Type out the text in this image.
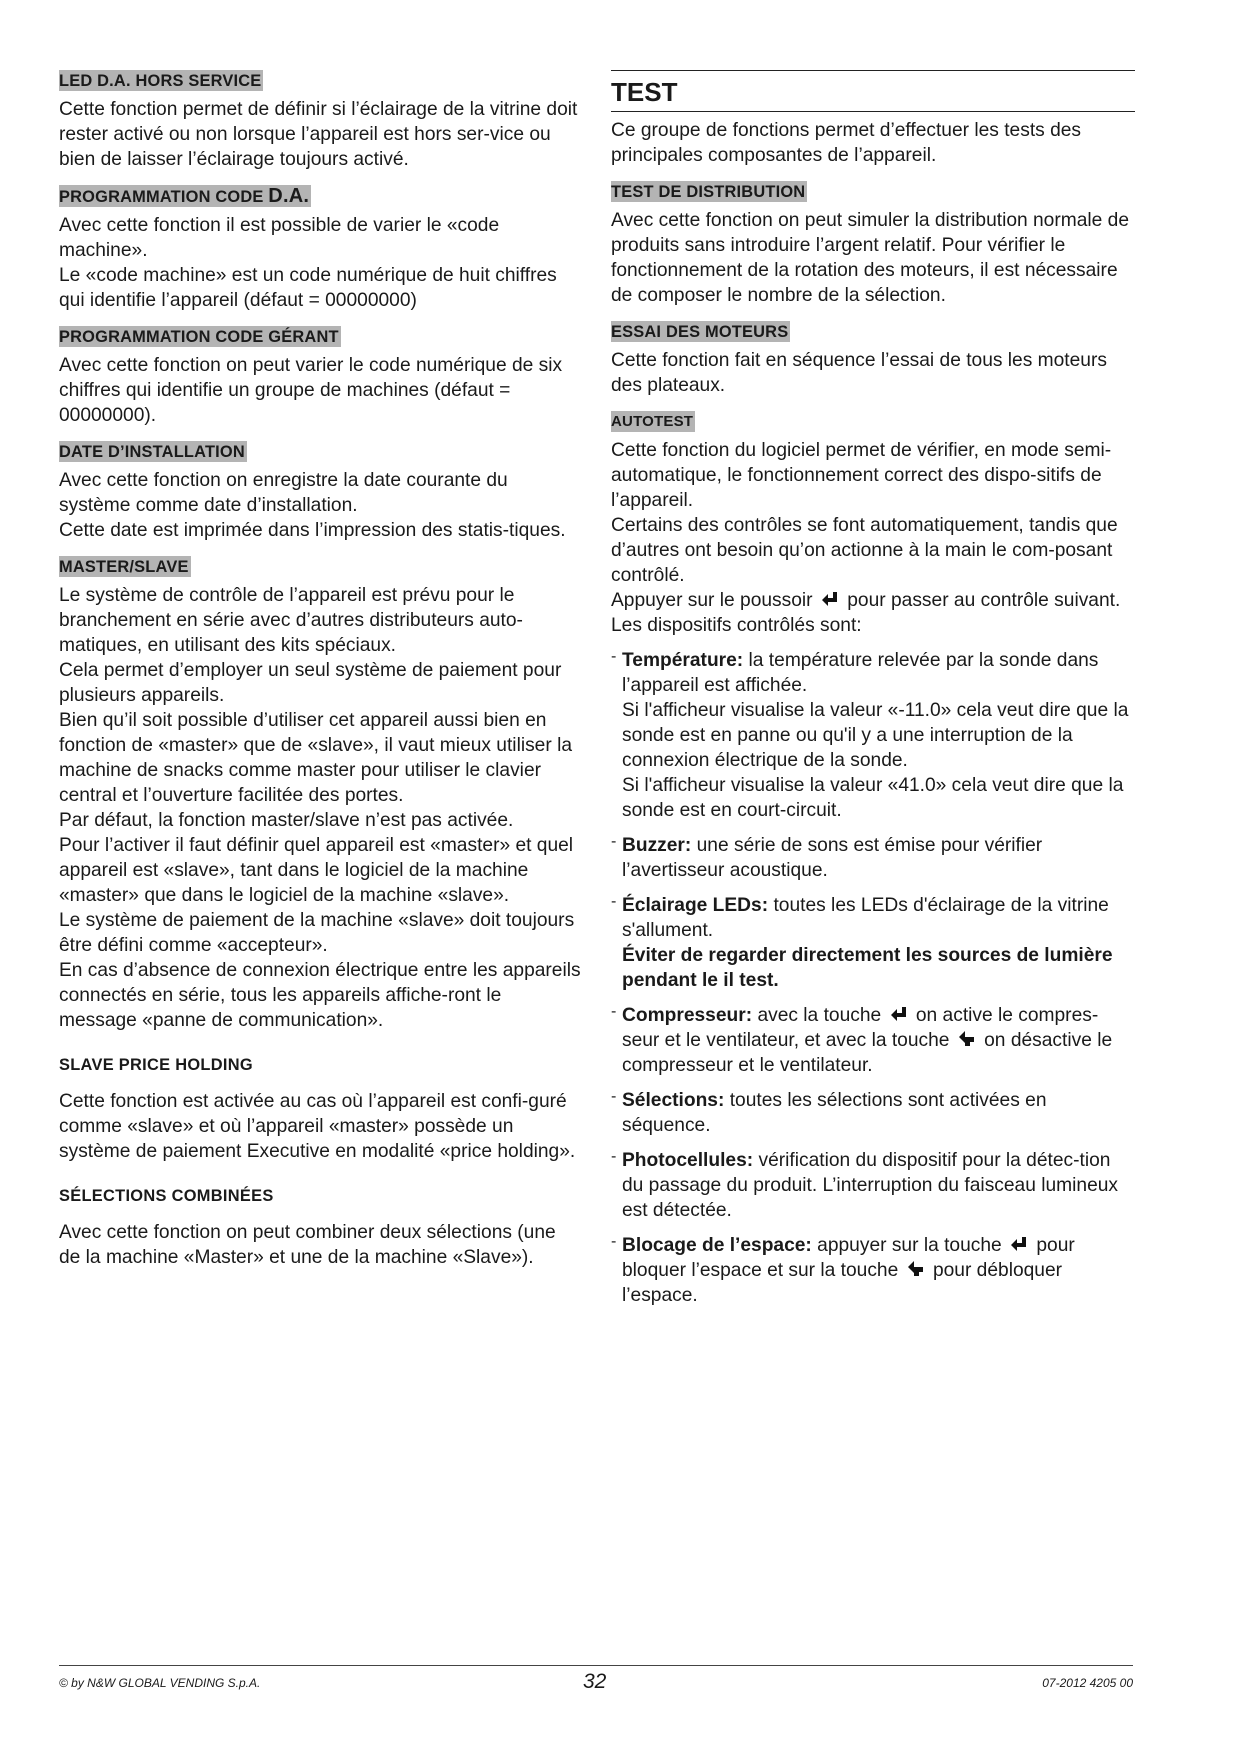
LED D.A. HORS SERVICE

Cette fonction permet de définir si l’éclairage de la vitrine doit rester activé ou non lorsque l’appareil est hors ser-vice ou bien de laisser l’éclairage toujours activé.

PROGRAMMATION CODE D.A.

Avec cette fonction il est possible de varier le «code machine».

Le «code machine» est un code numérique de huit chiffres qui identifie l’appareil (défaut = 00000000)

PROGRAMMATION CODE GÉRANT

Avec cette fonction on peut varier le code numérique de six chiffres qui identifie un groupe de machines (défaut = 00000000).

DATE D’INSTALLATION

Avec cette fonction on enregistre la date courante du système comme date d’installation.

Cette date est imprimée dans l’impression des statis-tiques.

MASTER/SLAVE

Le système de contrôle de l’appareil est prévu pour le branchement en série avec d’autres distributeurs auto-matiques, en utilisant des kits spéciaux.

Cela permet d’employer un seul système de paiement pour plusieurs appareils.

Bien qu’il soit possible d’utiliser cet appareil aussi bien en fonction de «master» que de «slave», il vaut mieux utiliser la machine de snacks comme master pour utiliser le clavier central et l’ouverture facilitée des portes.

Par défaut, la fonction master/slave n’est pas activée.

Pour l’activer il faut définir quel appareil est «master» et quel appareil est «slave», tant dans le logiciel de la machine «master» que dans le logiciel de la machine «slave».

Le système de paiement de la machine «slave» doit toujours être défini comme «accepteur».

En cas d’absence de connexion électrique entre les appareils connectés en série, tous les appareils affiche-ront le message «panne de communication».

SLAVE PRICE HOLDING

Cette fonction est activée au cas où l’appareil est confi-guré comme «slave» et où l’appareil «master» possède un système de paiement Executive en modalité «price holding».

SÉLECTIONS COMBINÉES

Avec cette fonction on peut combiner deux sélections (une de la machine «Master» et une de la machine «Slave»).

TEST

Ce groupe de fonctions permet d’effectuer les tests des principales composantes de l’appareil.

TEST DE DISTRIBUTION

Avec cette fonction on peut simuler la distribution normale de produits sans introduire l’argent relatif. Pour vérifier le fonctionnement de la rotation des moteurs, il est nécessaire de composer le nombre de la sélection.

ESSAI DES MOTEURS

Cette fonction fait en séquence l’essai de tous les moteurs des plateaux.

AUTOTEST

Cette fonction du logiciel permet de vérifier, en mode semi-automatique, le fonctionnement correct des dispo-sitifs de l’appareil.

Certains des contrôles se font automatiquement, tandis que d’autres ont besoin qu’on actionne à la main le com-posant contrôlé.

Appuyer sur le poussoir pour passer au contrôle suivant.

Les dispositifs contrôlés sont:

- Température: la température relevée par la sonde dans l’appareil est affichée.

Si l'afficheur visualise la valeur «-11.0» cela veut dire que la sonde est en panne ou qu'il y a une interruption de la connexion électrique de la sonde.

Si l'afficheur visualise la valeur «41.0» cela veut dire que la sonde est en court-circuit.

- Buzzer: une série de sons est émise pour vérifier l’avertisseur acoustique.

- Éclairage LEDs: toutes les LEDs d'éclairage de la vitrine s'allument.

Éviter de regarder directement les sources de lumière pendant le il test.

- Compresseur: avec la touche on active le compres-seur et le ventilateur, et avec la touche on désactive le compresseur et le ventilateur.

- Sélections: toutes les sélections sont activées en séquence.

- Photocellules: vérification du dispositif pour la détec-tion du passage du produit. L’interruption du faisceau lumineux est détectée.

- Blocage de l’espace: appuyer sur la touche pour bloquer l’espace et sur la touche pour débloquer l’espace.

© by N&W GLOBAL VENDING S.p.A.	32	07-2012 4205 00
